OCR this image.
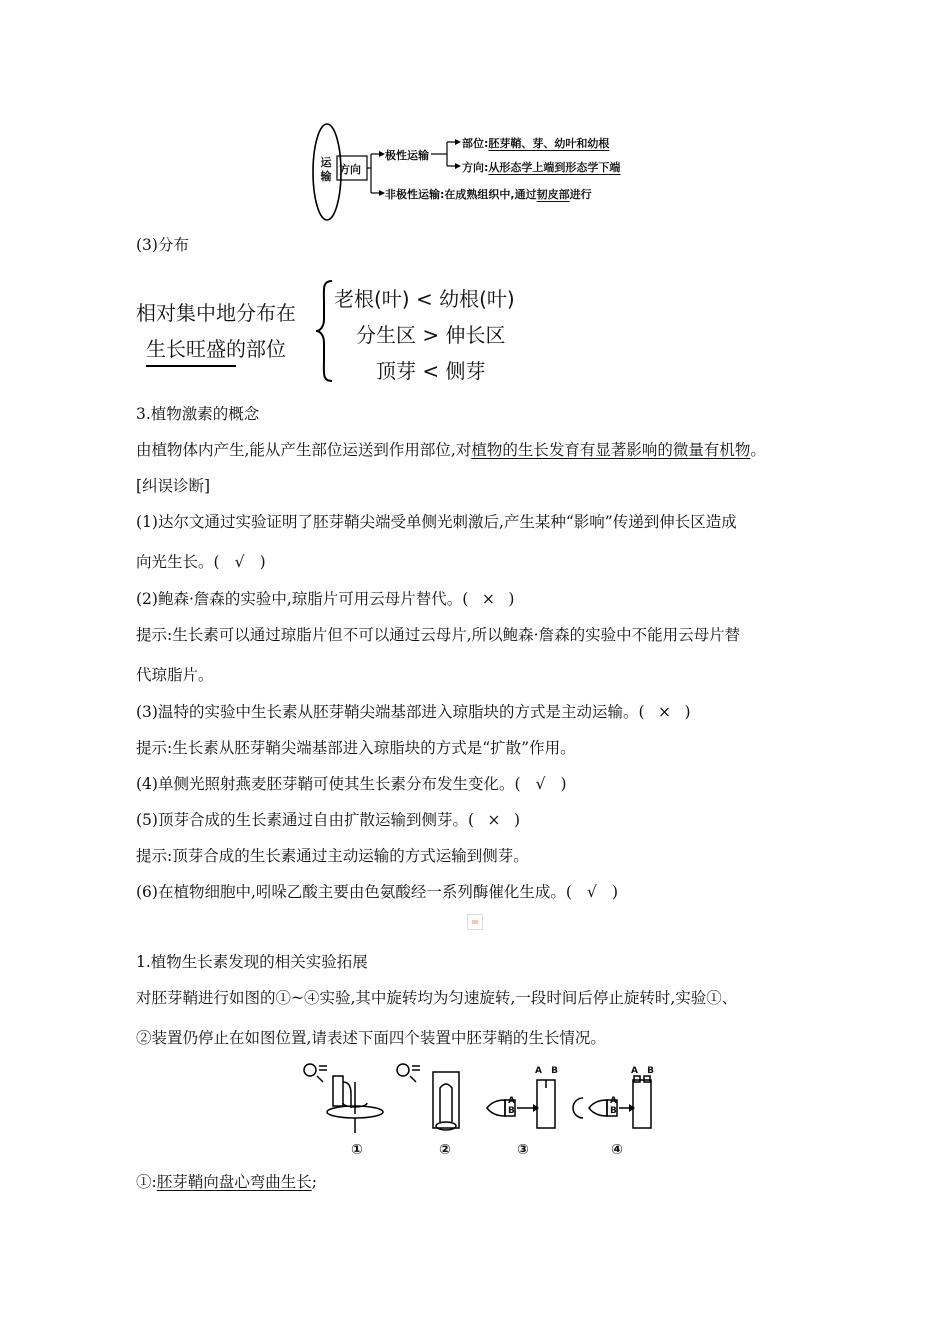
运输
方向
极性运输
部位:胚芽鞘、芽、幼叶和幼根
方向:从形态学上端到形态学下端
非极性运输:在成熟组织中,通过韧皮部进行
(3)分布
相对集中地分布在
生长旺盛的部位
老根(叶) < 幼根(叶)
分生区 > 伸长区
顶芽 < 侧芽
3.植物激素的概念
由植物体内产生,能从产生部位运送到作用部位,对植物的生长发育有显著影响的微量有机物。
[纠误诊断]
(1)达尔文通过实验证明了胚芽鞘尖端受单侧光刺激后,产生某种“影响”传递到伸长区造成
向光生长。( √ )
(2)鲍森·詹森的实验中,琼脂片可用云母片替代。( × )
提示:生长素可以通过琼脂片但不可以通过云母片,所以鲍森·詹森的实验中不能用云母片替
代琼脂片。
(3)温特的实验中生长素从胚芽鞘尖端基部进入琼脂块的方式是主动运输。( × )
提示:生长素从胚芽鞘尖端基部进入琼脂块的方式是“扩散”作用。
(4)单侧光照射燕麦胚芽鞘可使其生长素分布发生变化。( √ )
(5)顶芽合成的生长素通过自由扩散运输到侧芽。( × )
提示:顶芽合成的生长素通过主动运输的方式运输到侧芽。
(6)在植物细胞中,吲哚乙酸主要由色氨酸经一系列酶催化生成。( √ )
1.植物生长素发现的相关实验拓展
对胚芽鞘进行如图的①~④实验,其中旋转均为匀速旋转,一段时间后停止旋转时,实验①、
②装置仍停止在如图位置,请表述下面四个装置中胚芽鞘的生长情况。
A B
A
B
A B
A
B
①	②	③	④
①:胚芽鞘向盘心弯曲生长;
